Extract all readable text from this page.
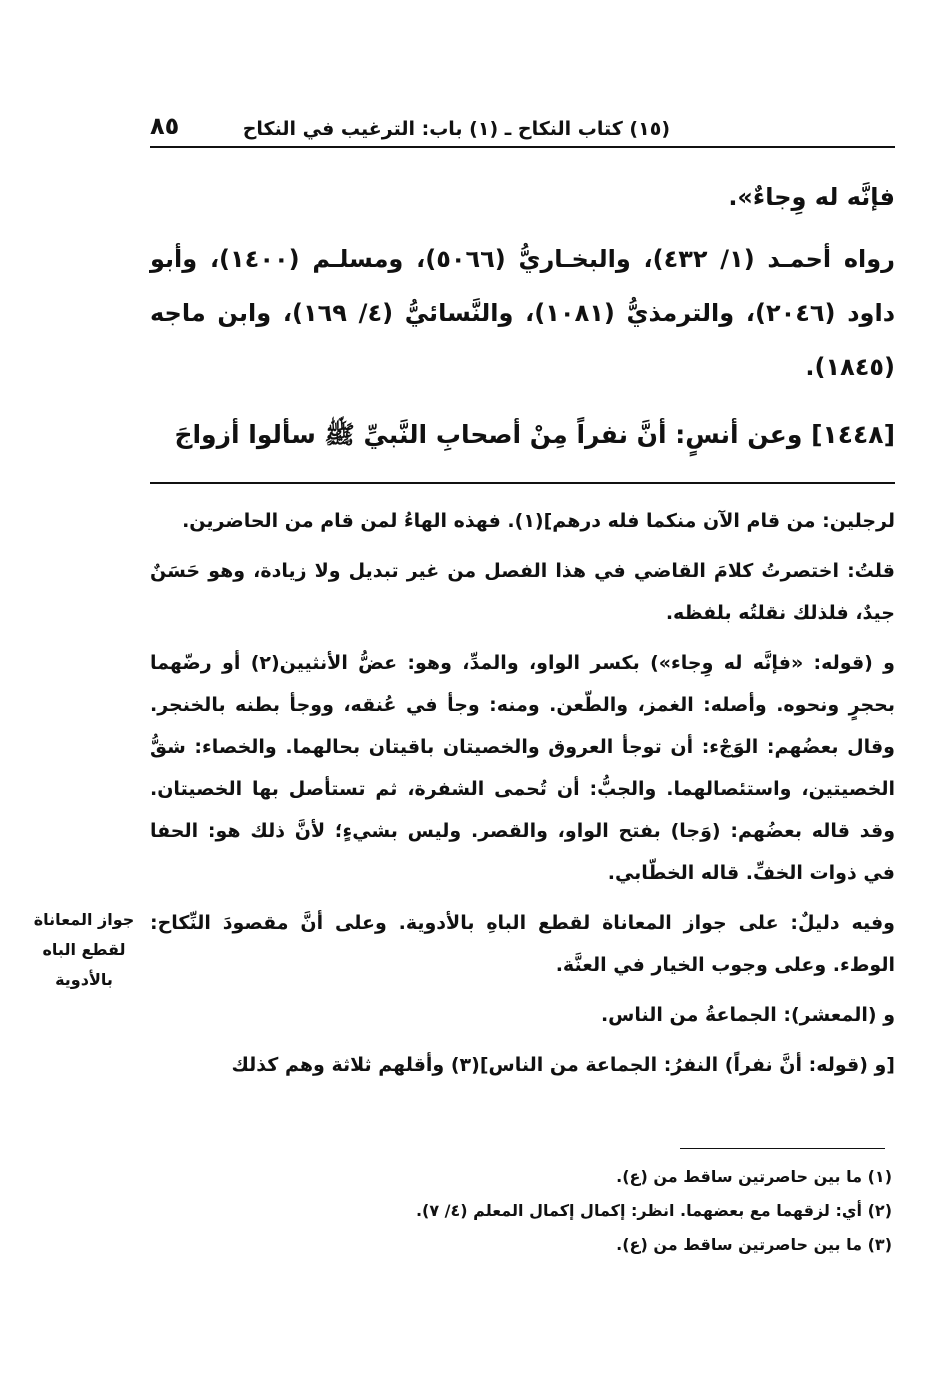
٨٥	(١٥) كتاب النكاح ـ (١) باب: الترغيب في النكاح

فإنَّه له وِجاءٌ».

رواه أحمـد (١/ ٤٣٢)، والبخـاريُّ (٥٠٦٦)، ومسلـم (١٤٠٠)، وأبو داود (٢٠٤٦)، والترمذيُّ (١٠٨١)، والنَّسائيُّ (٤/ ١٦٩)، وابن ماجه (١٨٤٥).

[١٤٤٨] وعن أنسٍ: أنَّ نفراً مِنْ أصحابِ النَّبيِّ ﷺ سألوا أزواجَ

لرجلين: من قام الآن منكما فله درهم](١). فهذه الهاءُ لمن قام من الحاضرين.

قلتُ: اختصرتُ كلامَ القاضي في هذا الفصل من غير تبديل ولا زيادة، وهو حَسَنٌ جيدٌ، فلذلك نقلتُه بلفظه.

و (قوله: «فإنَّه له وِجاء») بكسر الواو، والمدِّ، وهو: عضُّ الأنثيين(٢) أو رضّهما بحجرٍ ونحوه. وأصله: الغمز، والطّعن. ومنه: وجأ في عُنقه، ووجأ بطنه بالخنجر. وقال بعضُهم: الوَجْء: أن توجأ العروق والخصيتان باقيتان بحالهما. والخصاء: شقُّ الخصيتين، واستئصالهما. والجبُّ: أن تُحمى الشفرة، ثم تستأصل بها الخصيتان. وقد قاله بعضُهم: (وَجا) بفتح الواو، والقصر. وليس بشيءٍ؛ لأنَّ ذلك هو: الحفا في ذوات الخفِّ. قاله الخطّابي.

وفيه دليلٌ: على جواز المعاناة لقطع الباهِ بالأدوية. وعلى أنَّ مقصودَ النِّكاح: الوطء. وعلى وجوب الخيار في العنَّة.

و (المعشر): الجماعةُ من الناس.

[و (قوله: أنَّ نفراً) النفرُ: الجماعة من الناس](٣) وأقلهم ثلاثة وهم كذلك

جواز المعاناة لقطع الباه بالأدوية
(١) ما بين حاصرتين ساقط من (ع).
(٢) أي: لزقهما مع بعضهما. انظر: إكمال إكمال المعلم (٤/ ٧).
(٣) ما بين حاصرتين ساقط من (ع).
